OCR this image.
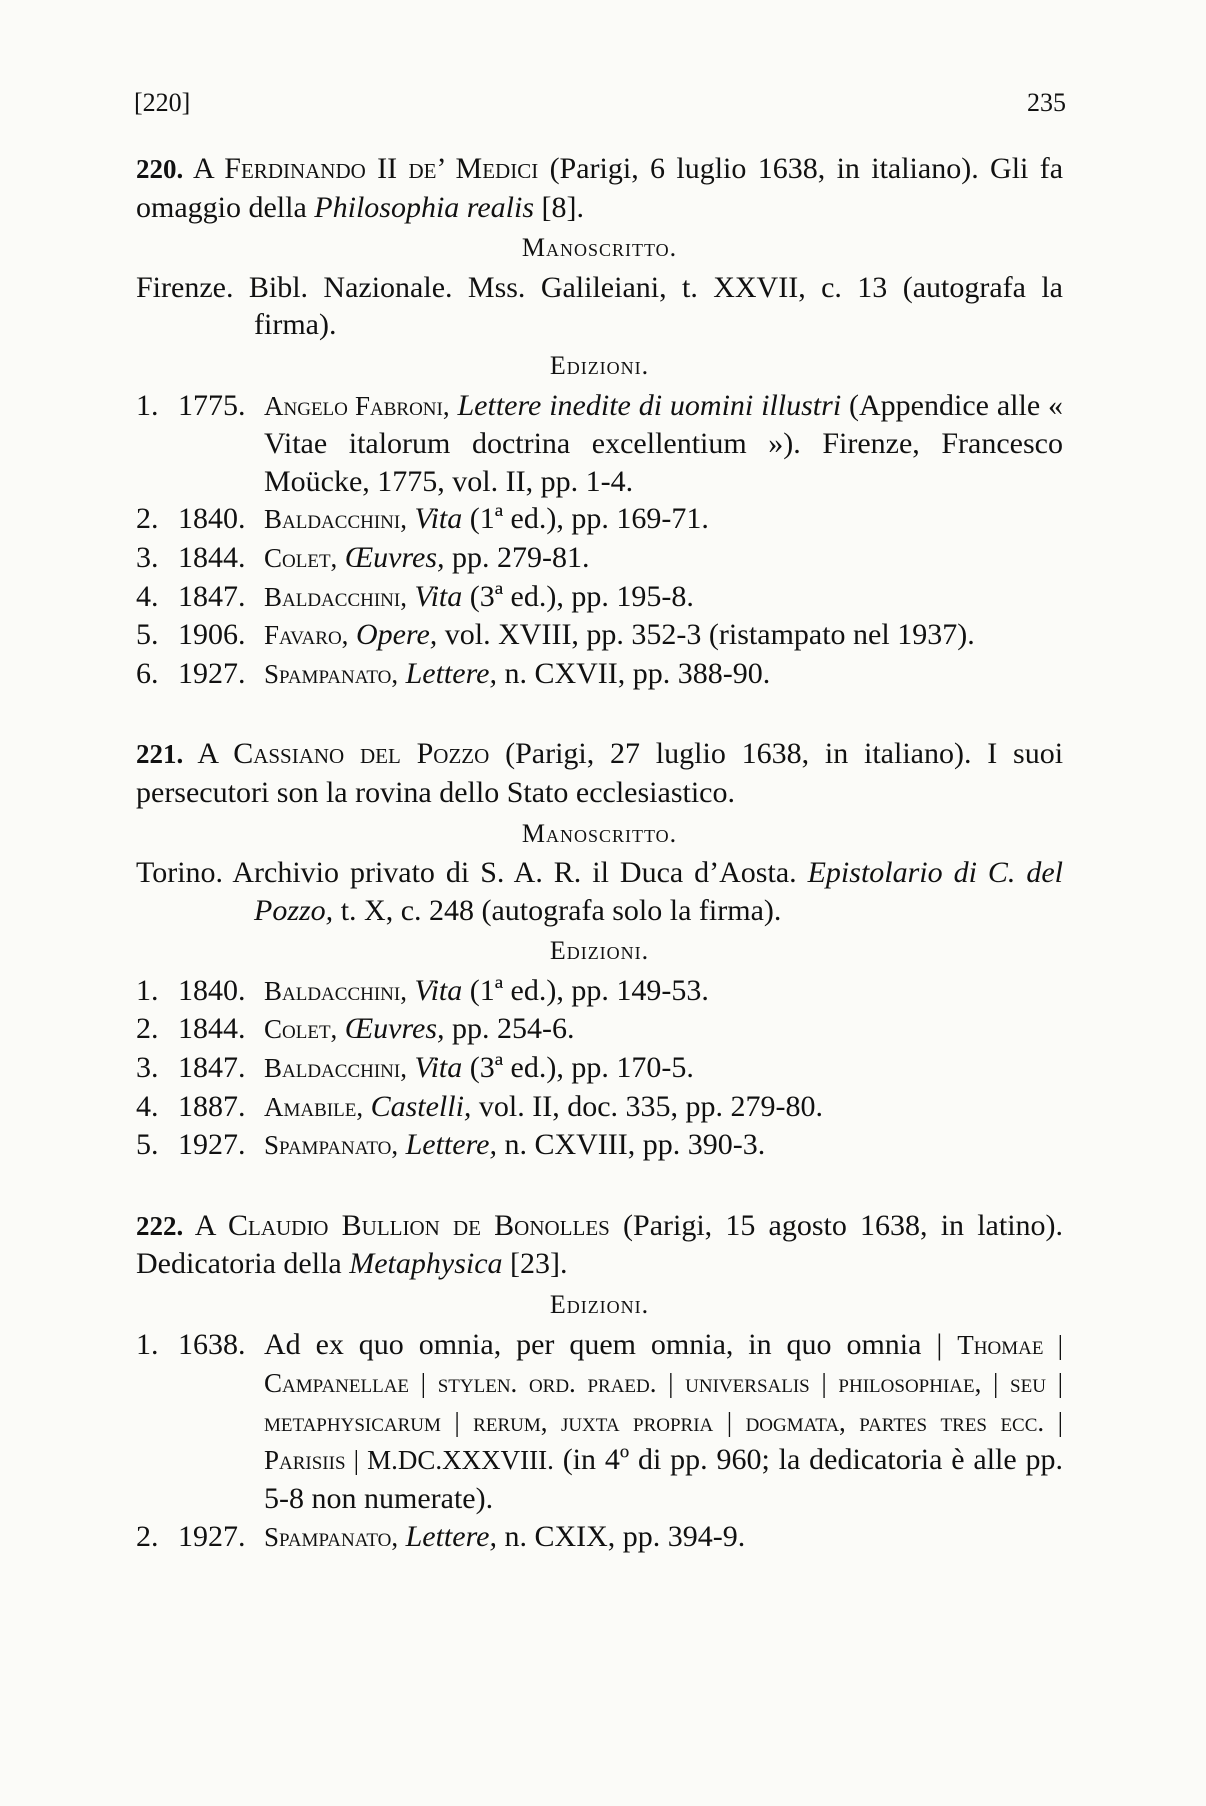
[220]	235
220. A Ferdinando II de’ Medici (Parigi, 6 luglio 1638, in italiano). Gli fa omaggio della Philosophia realis [8].
Manoscritto.
Firenze. Bibl. Nazionale. Mss. Galileiani, t. XXVII, c. 13 (autografa la firma).
Edizioni.
1. 1775. Angelo Fabroni, Lettere inedite di uomini illustri (Appendice alle « Vitae italorum doctrina excellentium »). Firenze, Francesco Moücke, 1775, vol. II, pp. 1-4.
2. 1840. Baldacchini, Vita (1ª ed.), pp. 169-71.
3. 1844. Colet, Œuvres, pp. 279-81.
4. 1847. Baldacchini, Vita (3ª ed.), pp. 195-8.
5. 1906. Favaro, Opere, vol. XVIII, pp. 352-3 (ristampato nel 1937).
6. 1927. Spampanato, Lettere, n. CXVII, pp. 388-90.
221. A Cassiano del Pozzo (Parigi, 27 luglio 1638, in italiano). I suoi persecutori son la rovina dello Stato ecclesiastico.
Manoscritto.
Torino. Archivio privato di S. A. R. il Duca d’Aosta. Epistolario di C. del Pozzo, t. X, c. 248 (autografa solo la firma).
Edizioni.
1. 1840. Baldacchini, Vita (1ª ed.), pp. 149-53.
2. 1844. Colet, Œuvres, pp. 254-6.
3. 1847. Baldacchini, Vita (3ª ed.), pp. 170-5.
4. 1887. Amabile, Castelli, vol. II, doc. 335, pp. 279-80.
5. 1927. Spampanato, Lettere, n. CXVIII, pp. 390-3.
222. A Claudio Bullion de Bonolles (Parigi, 15 agosto 1638, in latino). Dedicatoria della Metaphysica [23].
Edizioni.
1. 1638. Ad ex quo omnia, per quem omnia, in quo omnia | Thomae | Campanellae | stylen. ord. praed. | universalis | philosophiae, | seu | metaphysicarum | rerum, juxta propria | dogmata, partes tres ecc. | Parisiis | M.DC.XXXVIII. (in 4º di pp. 960; la dedicatoria è alle pp. 5-8 non numerate).
2. 1927. Spampanato, Lettere, n. CXIX, pp. 394-9.
